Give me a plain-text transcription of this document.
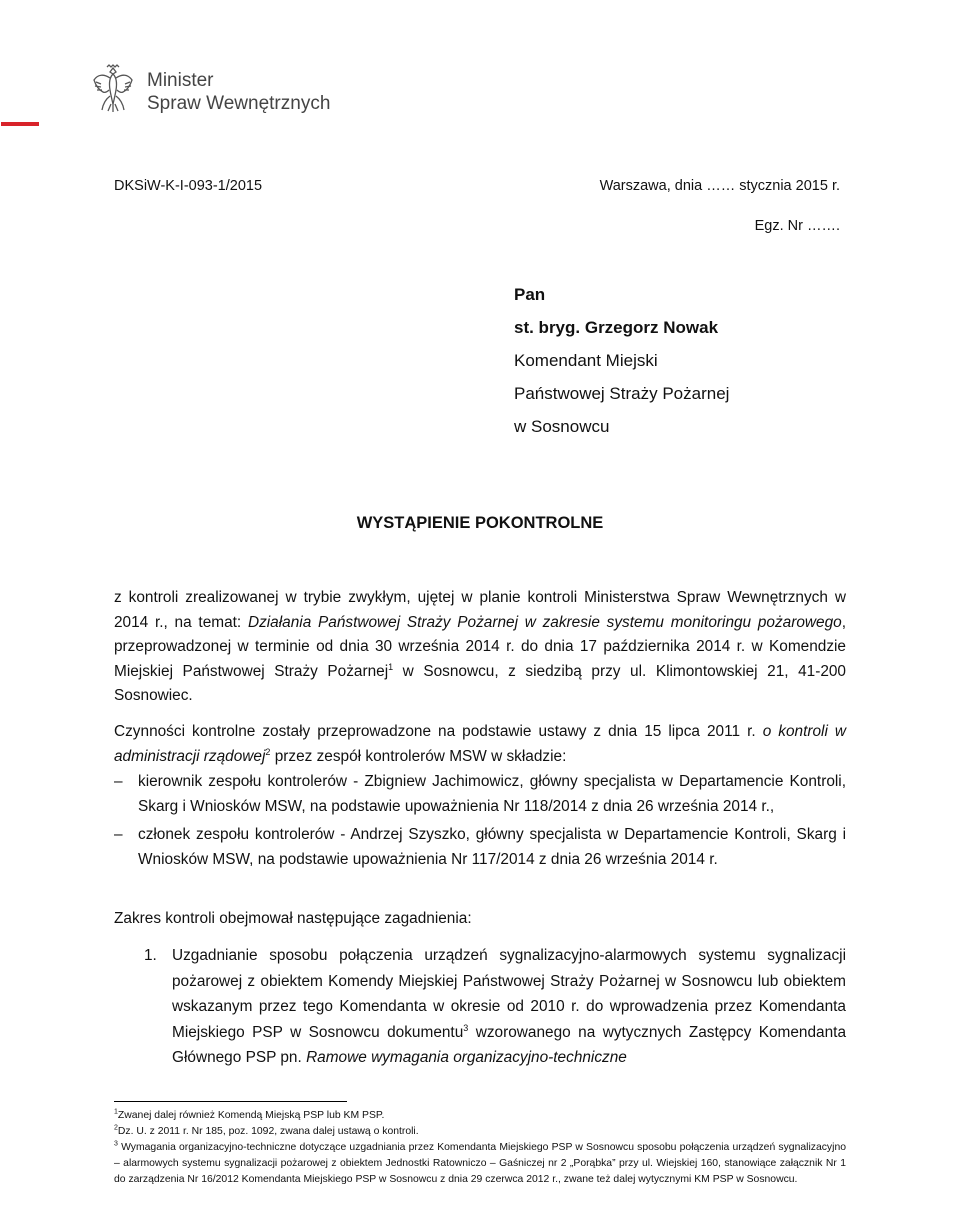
Minister
Spraw Wewnętrznych
DKSiW-K-I-093-1/2015	Warszawa, dnia …… stycznia 2015 r.
Egz. Nr …….
Pan
st. bryg. Grzegorz Nowak
Komendant Miejski
Państwowej Straży Pożarnej
w Sosnowcu
WYSTĄPIENIE POKONTROLNE
z kontroli zrealizowanej w trybie zwykłym, ujętej w planie kontroli Ministerstwa Spraw Wewnętrznych w 2014 r., na temat: Działania Państwowej Straży Pożarnej w zakresie systemu monitoringu pożarowego, przeprowadzonej w terminie od dnia 30 września 2014 r. do dnia 17 października 2014 r. w Komendzie Miejskiej Państwowej Straży Pożarnej$^1$ w Sosnowcu, z siedzibą przy ul. Klimontowskiej 21, 41-200 Sosnowiec.
Czynności kontrolne zostały przeprowadzone na podstawie ustawy z dnia 15 lipca 2011 r. o kontroli w administracji rządowej$^2$ przez zespół kontrolerów MSW w składzie:
– kierownik zespołu kontrolerów - Zbigniew Jachimowicz, główny specjalista w Departamencie Kontroli, Skarg i Wniosków MSW, na podstawie upoważnienia Nr 118/2014 z dnia 26 września 2014 r.,
– członek zespołu kontrolerów - Andrzej Szyszko, główny specjalista w Departamencie Kontroli, Skarg i Wniosków MSW, na podstawie upoważnienia Nr 117/2014 z dnia 26 września 2014 r.
Zakres kontroli obejmował następujące zagadnienia:
1. Uzgadnianie sposobu połączenia urządzeń sygnalizacyjno-alarmowych systemu sygnalizacji pożarowej z obiektem Komendy Miejskiej Państwowej Straży Pożarnej w Sosnowcu lub obiektem wskazanym przez tego Komendanta w okresie od 2010 r. do wprowadzenia przez Komendanta Miejskiego PSP w Sosnowcu dokumentu$^3$ wzorowanego na wytycznych Zastępcy Komendanta Głównego PSP pn. Ramowe wymagania organizacyjno-techniczne
$^1$Zwanej dalej również Komendą Miejską PSP lub KM PSP.
$^2$Dz. U. z 2011 r. Nr 185, poz. 1092, zwana dalej ustawą o kontroli.
$^3$ Wymagania organizacyjno-techniczne dotyczące uzgadniania przez Komendanta Miejskiego PSP w Sosnowcu sposobu połączenia urządzeń sygnalizacyjno – alarmowych systemu sygnalizacji pożarowej z obiektem Jednostki Ratowniczo – Gaśniczej nr 2 „Porąbka” przy ul. Wiejskiej 160, stanowiące załącznik Nr 1 do zarządzenia Nr 16/2012 Komendanta Miejskiego PSP w Sosnowcu z dnia 29 czerwca 2012 r., zwane też dalej wytycznymi KM PSP w Sosnowcu.
